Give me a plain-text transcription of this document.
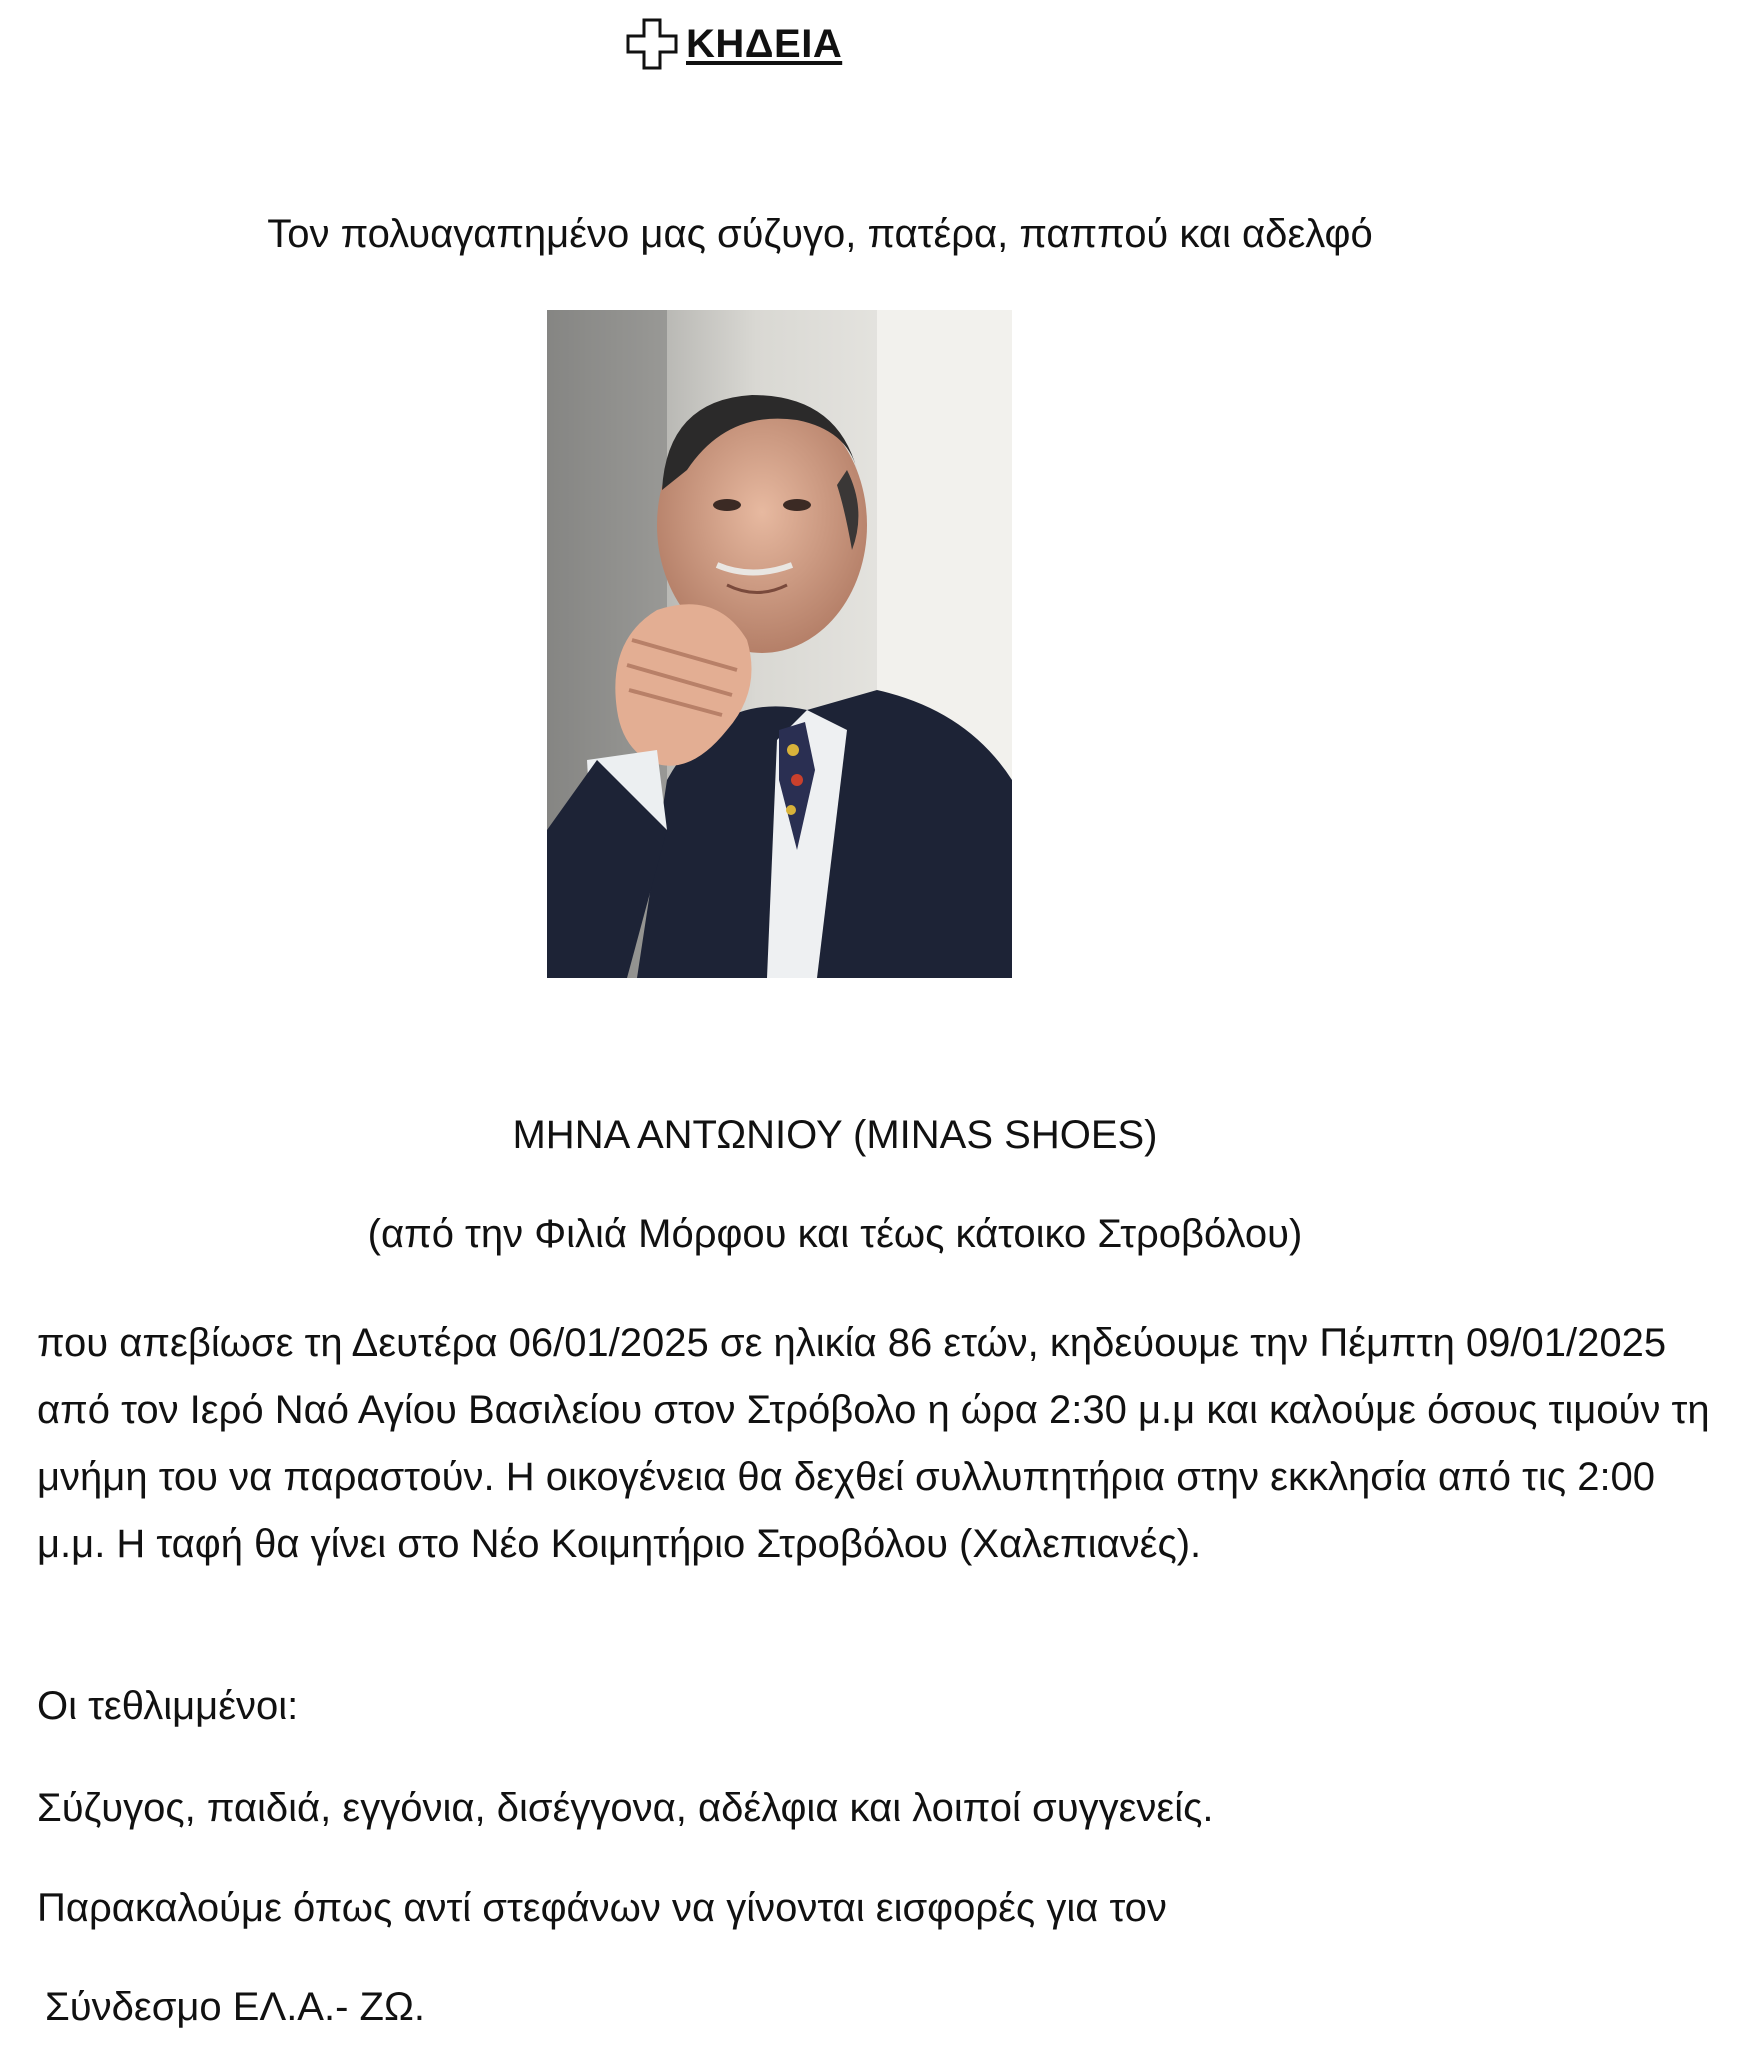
ΚΗΔΕΙΑ
Τον πολυαγαπημένο μας σύζυγο, πατέρα, παππού και αδελφό
ΜΗΝΑ ΑΝΤΩΝΙΟΥ (MINAS SHOES)
(από την Φιλιά Μόρφου και τέως κάτοικο Στροβόλου)
που απεβίωσε τη Δευτέρα 06/01/2025 σε ηλικία 86 ετών, κηδεύουμε την Πέμπτη 09/01/2025 από τον Ιερό Ναό Αγίου Βασιλείου στον Στρόβολο η ώρα 2:30 μ.μ και καλούμε όσους τιμούν τη μνήμη του να παραστούν. Η οικογένεια θα δεχθεί συλλυπητήρια στην εκκλησία από τις 2:00 μ.μ. Η ταφή θα γίνει στο Νέο Κοιμητήριο Στροβόλου (Χαλεπιανές).
Οι τεθλιμμένοι:
Σύζυγος, παιδιά, εγγόνια, δισέγγονα, αδέλφια και λοιποί συγγενείς.
Παρακαλούμε όπως αντί στεφάνων να γίνονται εισφορές για τον
Σύνδεσμο ΕΛ.Α.- ΖΩ.
